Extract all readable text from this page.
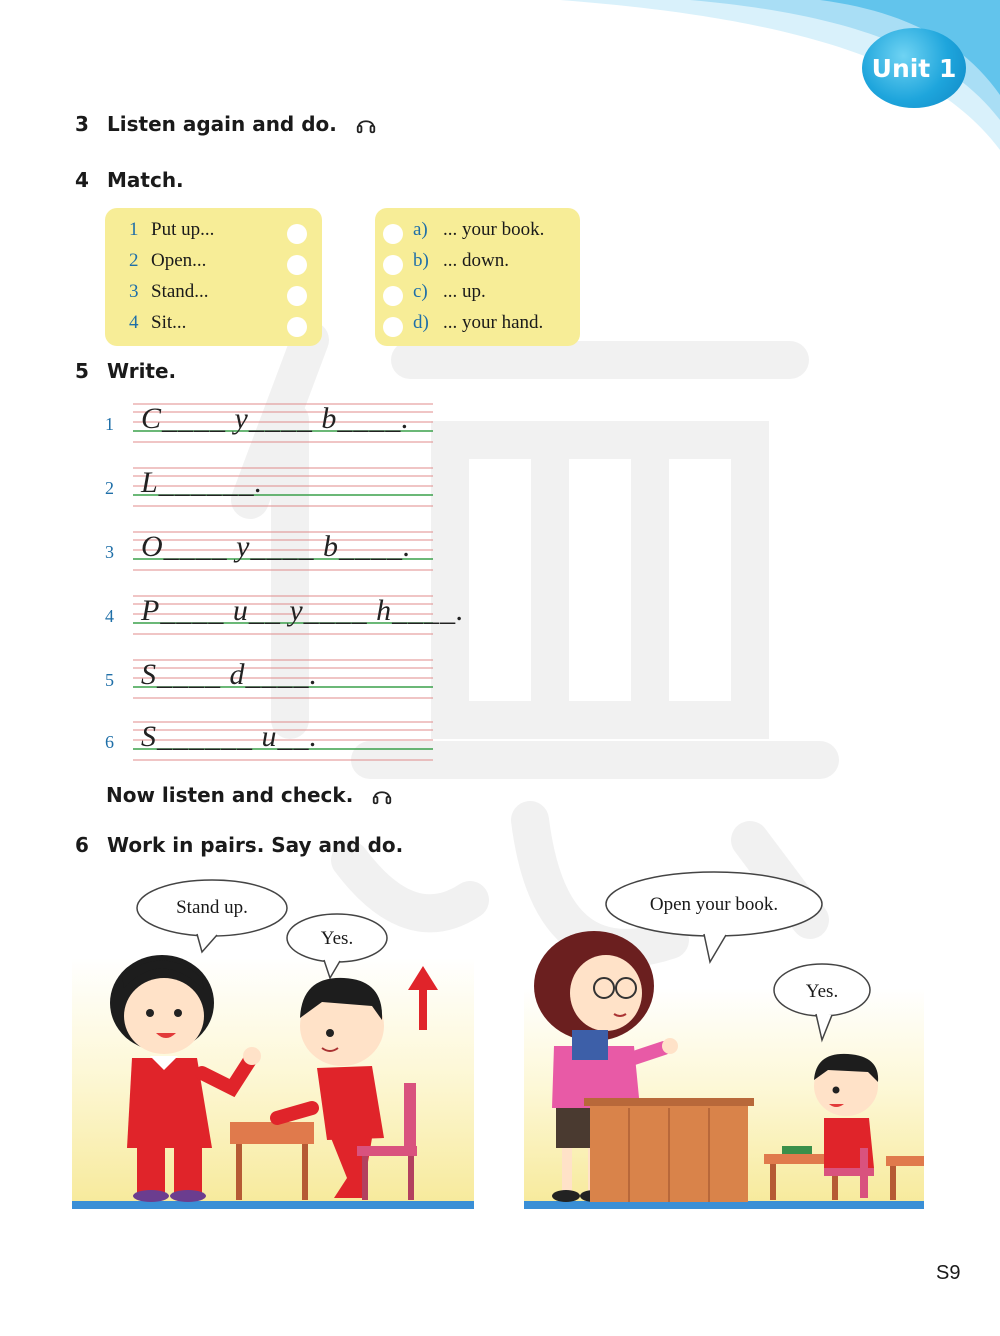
Unit 1
3 Listen again and do.
4 Match.
1 Put up...
2 Open...
3 Stand...
4 Sit...
a) ... your book.
b) ... down.
c) ... up.
d) ... your hand.
5 Write.
1 C____ y____ b____.
2 L______.
3 O____ y____ b____.
4 P____ u__ y____ h____.
5 S____ d____.
6 S______ u__.
Now listen and check.
6 Work in pairs. Say and do.
Stand up.
Yes.
Open your book.
Yes.
S9
